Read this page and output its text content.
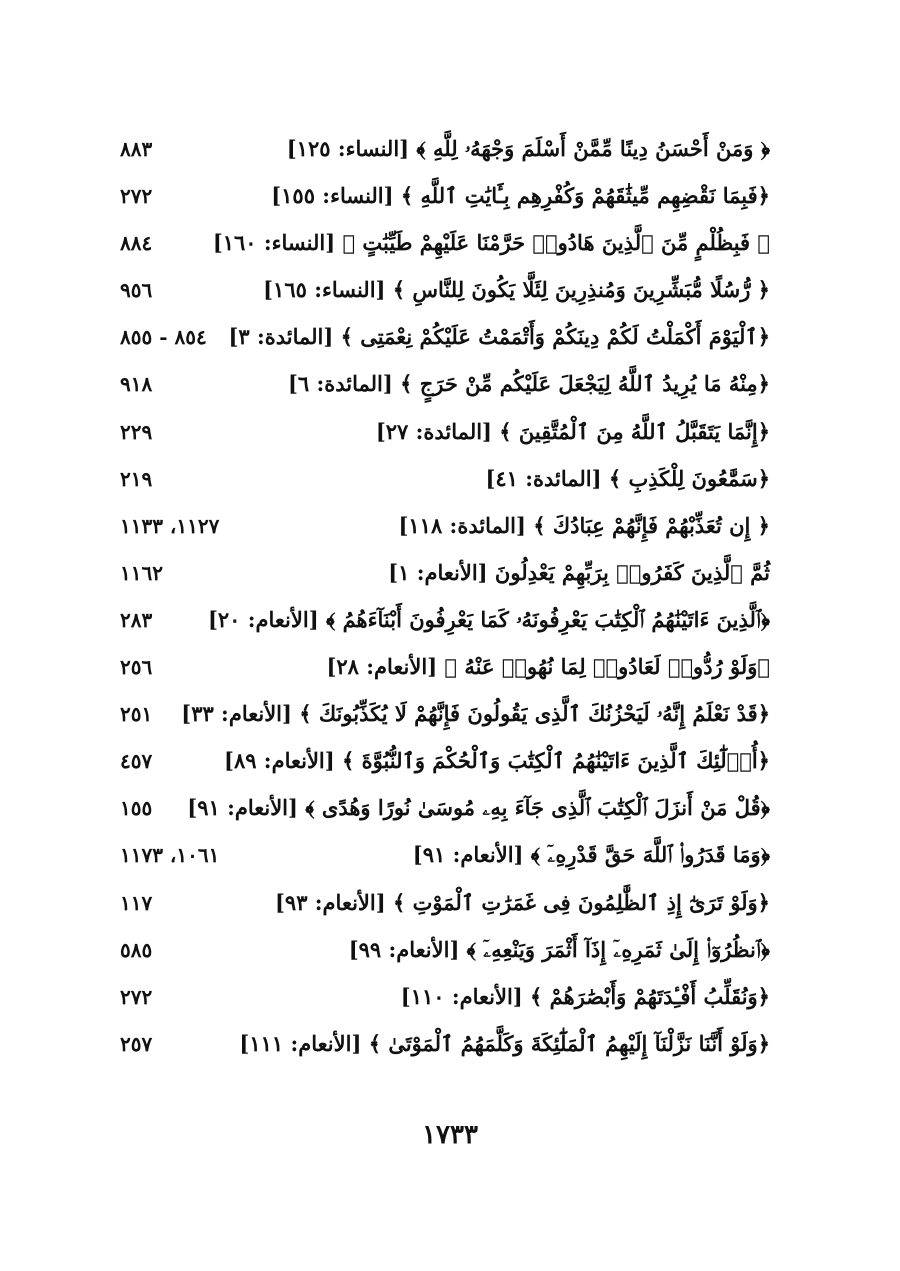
﴿ وَمَنْ أَحْسَنُ دِينًا مِّمَّنْ أَسْلَمَ وَجْهَهُۥ لِلَّهِ ﴾ [النساء: ١٢٥]
٨٨٣
﴿فَبِمَا نَقْضِهِم مِّيثَٰقَهُمْ وَكُفْرِهِم بِـَٔايَٰتِ ٱللَّهِ ﴾ [النساء: ١٥٥]
٢٧٢
﴿ فَبِظُلْمٍ مِّنَ ٱلَّذِينَ هَادُوا۟ حَرَّمْنَا عَلَيْهِمْ طَيِّبَٰتٍ ﴾ [النساء: ١٦٠]
٨٨٤
﴿ رُّسُلًا مُّبَشِّرِينَ وَمُنذِرِينَ لِئَلَّا يَكُونَ لِلنَّاسِ ﴾ [النساء: ١٦٥]
٩٥٦
﴿ٱلْيَوْمَ أَكْمَلْتُ لَكُمْ دِينَكُمْ وَأَتْمَمْتُ عَلَيْكُمْ نِعْمَتِى ﴾ [المائدة: ٣]
٨٥٤ - ٨٥٥
﴿مِنْهُ مَا يُرِيدُ ٱللَّهُ لِيَجْعَلَ عَلَيْكُم مِّنْ حَرَجٍ ﴾ [المائدة: ٦]
٩١٨
﴿إِنَّمَا يَتَقَبَّلُ ٱللَّهُ مِنَ ٱلْمُتَّقِينَ ﴾ [المائدة: ٢٧]
٢٢٩
﴿سَمَّٰعُونَ لِلْكَذِبِ ﴾ [المائدة: ٤١]
٢١٩
﴿ إِن تُعَذِّبْهُمْ فَإِنَّهُمْ عِبَادُكَ ﴾ [المائدة: ١١٨]
١١٢٧، ١١٣٣
ثُمَّ ٱلَّذِينَ كَفَرُوا۟ بِرَبِّهِمْ يَعْدِلُونَ [الأنعام: ١]
١١٦٢
﴿ٱلَّذِينَ ءَاتَيْنَٰهُمُ ٱلْكِتَٰبَ يَعْرِفُونَهُۥ كَمَا يَعْرِفُونَ أَبْنَآءَهُمُ ﴾ [الأنعام: ٢٠]
٢٨٣
﴿وَلَوْ رُدُّوا۟ لَعَادُوا۟ لِمَا نُهُوا۟ عَنْهُ ﴾ [الأنعام: ٢٨]
٢٥٦
﴿قَدْ نَعْلَمُ إِنَّهُۥ لَيَحْزُنُكَ ٱلَّذِى يَقُولُونَ فَإِنَّهُمْ لَا يُكَذِّبُونَكَ ﴾ [الأنعام: ٣٣]
٢٥١
﴿أُو۟لَٰٓئِكَ ٱلَّذِينَ ءَاتَيْنَٰهُمُ ٱلْكِتَٰبَ وَٱلْحُكْمَ وَٱلنُّبُوَّةَ ﴾ [الأنعام: ٨٩]
٤٥٧
﴿قُلْ مَنْ أَنزَلَ ٱلْكِتَٰبَ ٱلَّذِى جَآءَ بِهِۦ مُوسَىٰ نُورًا وَهُدًى ﴾ [الأنعام: ٩١]
١٥٥
﴿وَمَا قَدَرُوا۟ ٱللَّهَ حَقَّ قَدْرِهِۦٓ ﴾ [الأنعام: ٩١]
١٠٦١، ١١٧٣
﴿وَلَوْ تَرَىٰٓ إِذِ ٱلظَّٰلِمُونَ فِى غَمَرَٰتِ ٱلْمَوْتِ ﴾ [الأنعام: ٩٣]
١١٧
﴿ٱنظُرُوٓا۟ إِلَىٰ ثَمَرِهِۦٓ إِذَآ أَثْمَرَ وَيَنْعِهِۦٓ ﴾ [الأنعام: ٩٩]
٥٨٥
﴿وَنُقَلِّبُ أَفْـِٔدَتَهُمْ وَأَبْصَٰرَهُمْ ﴾ [الأنعام: ١١٠]
٢٧٢
﴿وَلَوْ أَنَّنَا نَزَّلْنَآ إِلَيْهِمُ ٱلْمَلَٰٓئِكَةَ وَكَلَّمَهُمُ ٱلْمَوْتَىٰ ﴾ [الأنعام: ١١١]
٢٥٧
١٧٣٣
